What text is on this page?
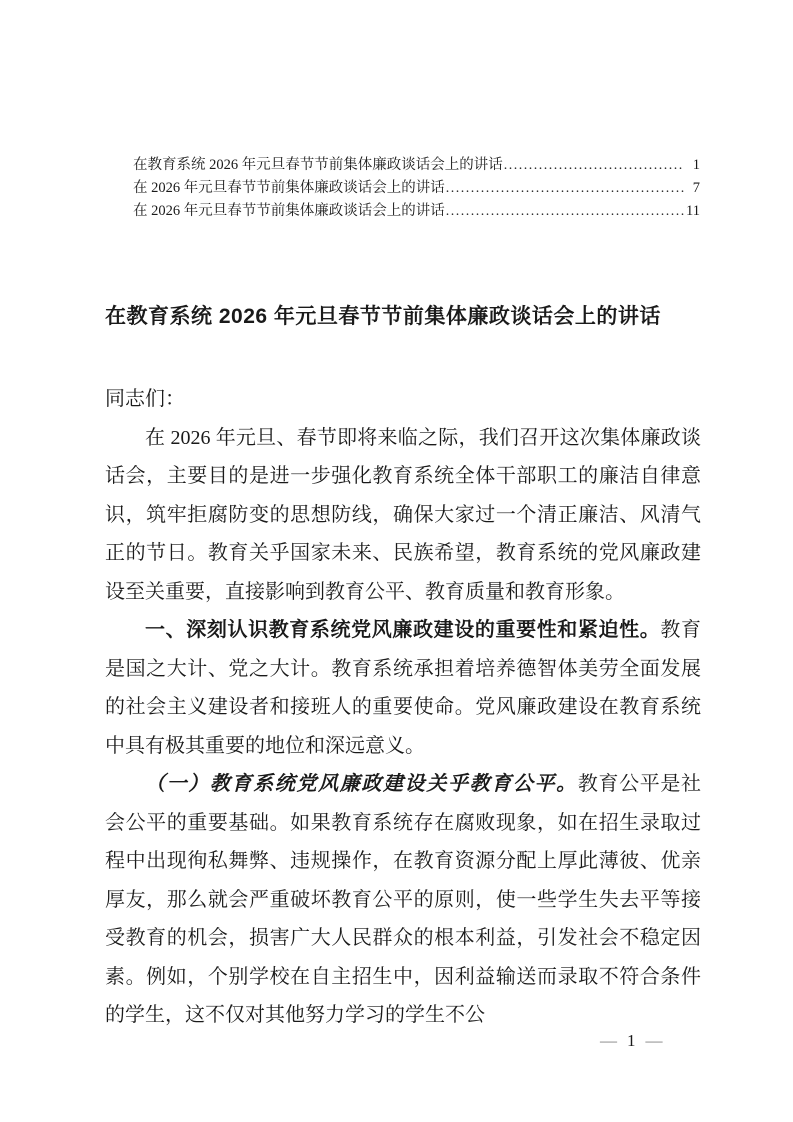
在教育系统 2026 年元旦春节节前集体廉政谈话会上的讲话 .....	1
在 2026 年元旦春节节前集体廉政谈话会上的讲话 .....	7
在 2026 年元旦春节节前集体廉政谈话会上的讲话 .....	11
在教育系统 2026 年元旦春节节前集体廉政谈话会上的讲话

同志们：

在 2026 年元旦、春节即将来临之际，我们召开这次集体廉政谈话会，主要目的是进一步强化教育系统全体干部职工的廉洁自律意识，筑牢拒腐防变的思想防线，确保大家过一个清正廉洁、风清气正的节日。教育关乎国家未来、民族希望，教育系统的党风廉政建设至关重要，直接影响到教育公平、教育质量和教育形象。

一、深刻认识教育系统党风廉政建设的重要性和紧迫性。教育是国之大计、党之大计。教育系统承担着培养德智体美劳全面发展的社会主义建设者和接班人的重要使命。党风廉政建设在教育系统中具有极其重要的地位和深远意义。

（一）教育系统党风廉政建设关乎教育公平。教育公平是社会公平的重要基础。如果教育系统存在腐败现象，如在招生录取过程中出现徇私舞弊、违规操作，在教育资源分配上厚此薄彼、优亲厚友，那么就会严重破坏教育公平的原则，使一些学生失去平等接受教育的机会，损害广大人民群众的根本利益，引发社会不稳定因素。例如，个别学校在自主招生中，因利益输送而录取不符合条件的学生，这不仅对其他努力学习的学生不公

— 1 —
